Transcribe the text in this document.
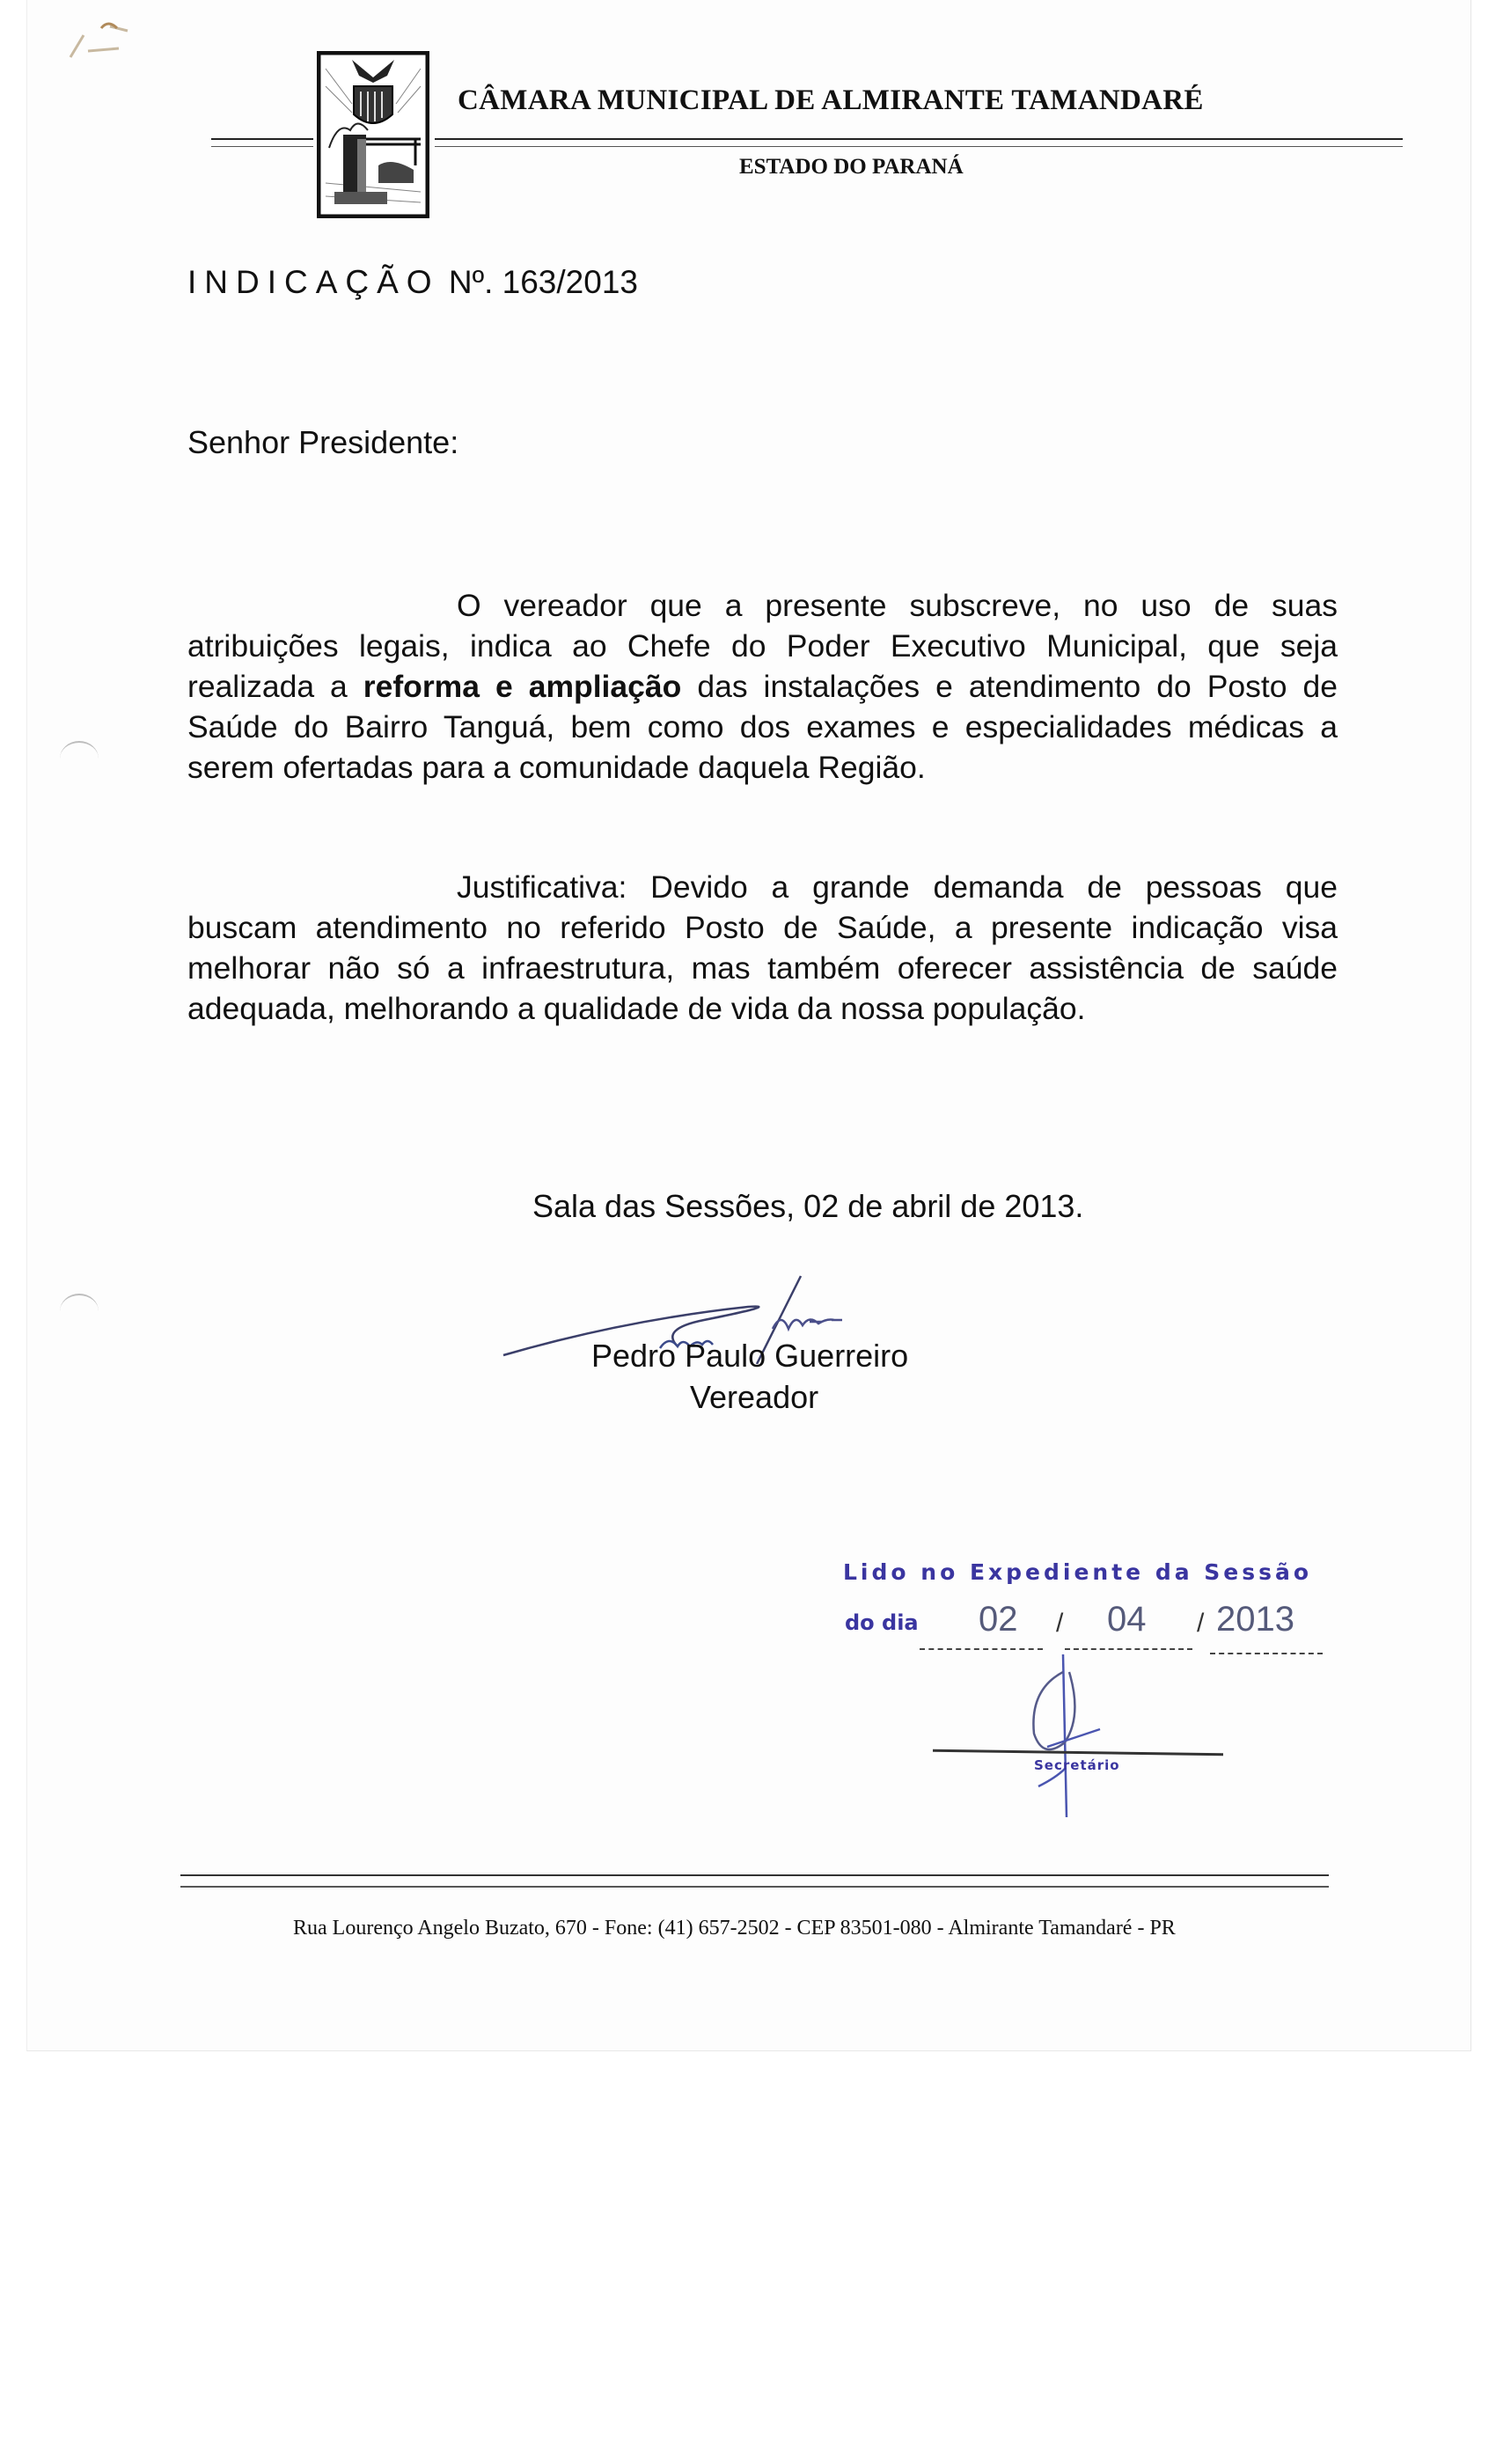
CÂMARA MUNICIPAL DE ALMIRANTE TAMANDARÉ
ESTADO DO PARANÁ
INDICAÇÃO Nº. 163/2013
Senhor Presidente:
O vereador que a presente subscreve, no uso de suas atribuições legais, indica ao Chefe do Poder Executivo Municipal, que seja realizada a reforma e ampliação das instalações e atendimento do Posto de Saúde do Bairro Tanguá, bem como dos exames e especialidades médicas a serem ofertadas para a comunidade daquela Região.
Justificativa: Devido a grande demanda de pessoas que buscam atendimento no referido Posto de Saúde, a presente indicação visa melhorar não só a infraestrutura, mas também oferecer assistência de saúde adequada, melhorando a qualidade de vida da nossa população.
Sala das Sessões, 02 de abril de 2013.
Pedro Paulo Guerreiro
Vereador
Lido no Expediente da Sessão
do dia 02 / 04 / 2013
Secretário
Rua Lourenço Angelo Buzato, 670 - Fone: (41) 657-2502 - CEP 83501-080 - Almirante Tamandaré - PR
